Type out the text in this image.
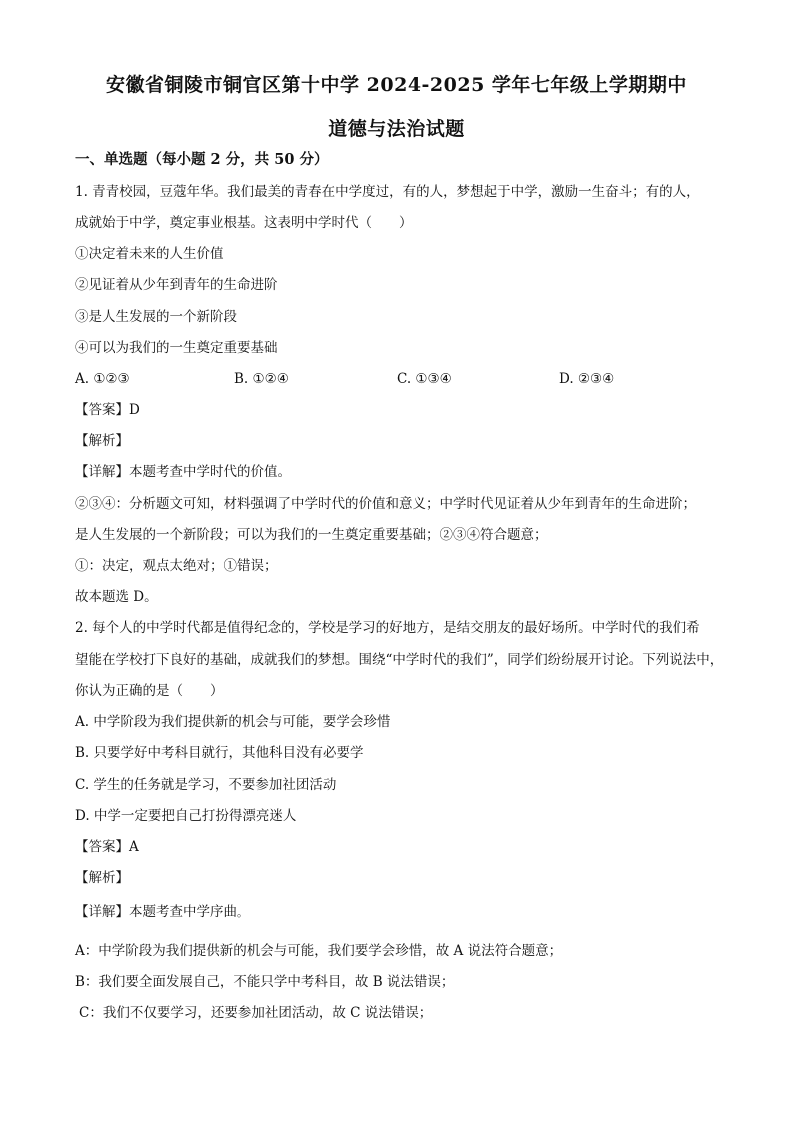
安徽省铜陵市铜官区第十中学 2024-2025 学年七年级上学期期中
道德与法治试题
一、单选题（每小题 2 分，共 50 分）
1. 青青校园，豆蔻年华。我们最美的青春在中学度过，有的人，梦想起于中学，激励一生奋斗；有的人，
成就始于中学，奠定事业根基。这表明中学时代（　　）
①决定着未来的人生价值
②见证着从少年到青年的生命进阶
③是人生发展的一个新阶段
④可以为我们的一生奠定重要基础
A. ①②③	B. ①②④	C. ①③④	D. ②③④
【答案】D
【解析】
【详解】本题考查中学时代的价值。
②③④：分析题文可知，材料强调了中学时代的价值和意义；中学时代见证着从少年到青年的生命进阶；
是人生发展的一个新阶段；可以为我们的一生奠定重要基础；②③④符合题意；
①：决定，观点太绝对；①错误；
故本题选 D。
2. 每个人的中学时代都是值得纪念的，学校是学习的好地方，是结交朋友的最好场所。中学时代的我们希
望能在学校打下良好的基础，成就我们的梦想。围绕“中学时代的我们”，同学们纷纷展开讨论。下列说法中，
你认为正确的是（　　）
A. 中学阶段为我们提供新的机会与可能，要学会珍惜
B. 只要学好中考科目就行，其他科目没有必要学
C. 学生的任务就是学习，不要参加社团活动
D. 中学一定要把自己打扮得漂亮迷人
【答案】A
【解析】
【详解】本题考查中学序曲。
A：中学阶段为我们提供新的机会与可能，我们要学会珍惜，故 A 说法符合题意；
B：我们要全面发展自己，不能只学中考科目，故 B 说法错误；
C：我们不仅要学习，还要参加社团活动，故 C 说法错误；
